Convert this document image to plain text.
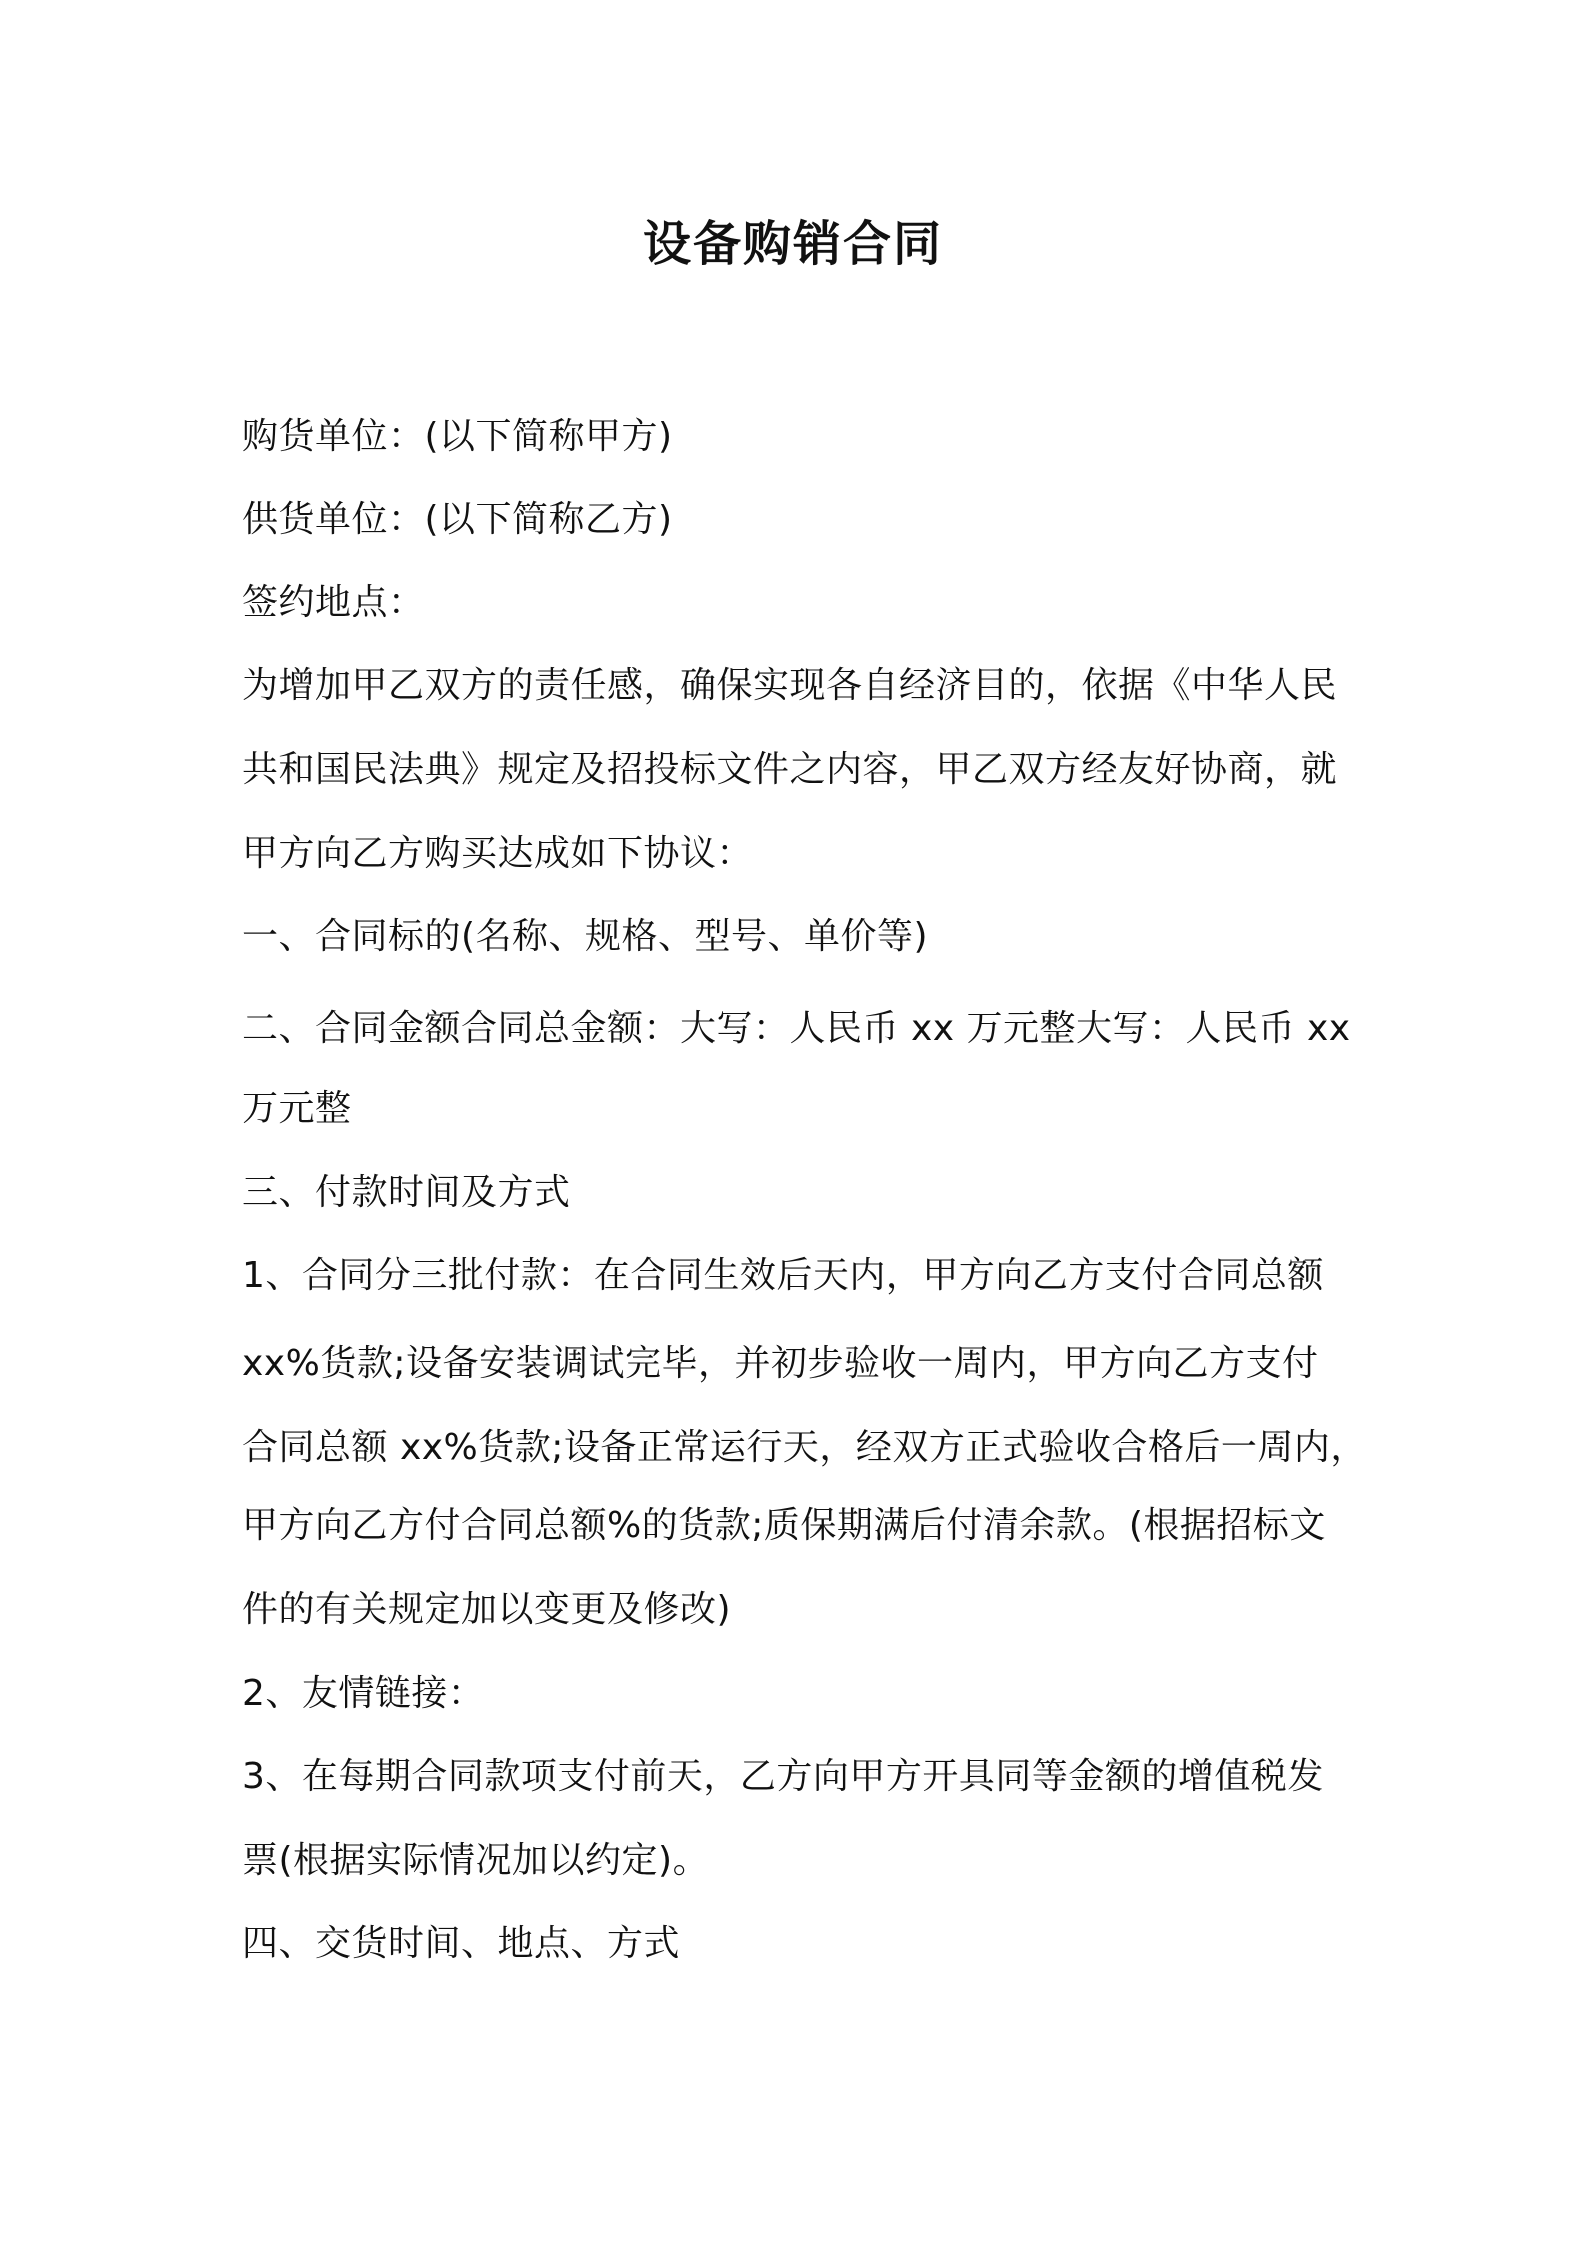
设备购销合同
购货单位：(以下简称甲方)
供货单位：(以下简称乙方)
签约地点：
为增加甲乙双方的责任感，确保实现各自经济目的，依据《中华人民
共和国民法典》规定及招投标文件之内容，甲乙双方经友好协商，就
甲方向乙方购买达成如下协议：
一、合同标的(名称、规格、型号、单价等)
二、合同金额合同总金额：大写：人民币 xx 万元整大写：人民币 xx
万元整
三、付款时间及方式
1、合同分三批付款：在合同生效后天内，甲方向乙方支付合同总额
xx%货款;设备安装调试完毕，并初步验收一周内，甲方向乙方支付
合同总额 xx%货款;设备正常运行天，经双方正式验收合格后一周内，
甲方向乙方付合同总额%的货款;质保期满后付清余款。(根据招标文
件的有关规定加以变更及修改)
2、友情链接：
3、在每期合同款项支付前天，乙方向甲方开具同等金额的增值税发
票(根据实际情况加以约定)。
四、交货时间、地点、方式
